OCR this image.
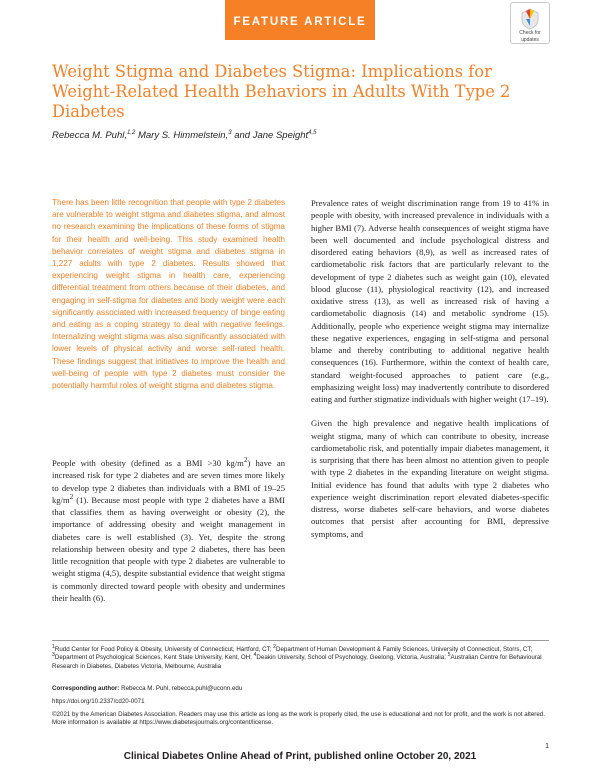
FEATURE ARTICLE
Check for
updates
Weight Stigma and Diabetes Stigma: Implications for Weight-Related Health Behaviors in Adults With Type 2 Diabetes
Rebecca M. Puhl,$^{1,2}$ Mary S. Himmelstein,$^3$ and Jane Speight$^{4,5}$
There has been little recognition that people with type 2 diabetes are vulnerable to weight stigma and diabetes stigma, and almost no research examining the implications of these forms of stigma for their health and well-being. This study examined health behavior correlates of weight stigma and diabetes stigma in 1,227 adults with type 2 diabetes. Results showed that experiencing weight stigma in health care, experiencing differential treatment from others because of their diabetes, and engaging in self-stigma for diabetes and body weight were each significantly associated with increased frequency of binge eating and eating as a coping strategy to deal with negative feelings. Internalizing weight stigma was also significantly associated with lower levels of physical activity and worse self-rated health. These findings suggest that initiatives to improve the health and well-being of people with type 2 diabetes must consider the potentially harmful roles of weight stigma and diabetes stigma.

People with obesity (defined as a BMI >30 $kg/m^2$) have an increased risk for type 2 diabetes and are seven times more likely to develop type 2 diabetes than individuals with a BMI of 19–25 $kg/m^2$ (1). Because most people with type 2 diabetes have a BMI that classifies them as having overweight or obesity (2), the importance of addressing obesity and weight management in diabetes care is well established (3). Yet, despite the strong relationship between obesity and type 2 diabetes, there has been little recognition that people with type 2 diabetes are vulnerable to weight stigma (4,5), despite substantial evidence that weight stigma is commonly directed toward people with obesity and undermines their health (6).

Prevalence rates of weight discrimination range from 19 to 41% in people with obesity, with increased prevalence in individuals with a higher BMI (7). Adverse health consequences of weight stigma have been well documented and include psychological distress and disordered eating behaviors (8,9), as well as increased rates of cardiometabolic risk factors that are particularly relevant to the development of type 2 diabetes such as weight gain (10), elevated blood glucose (11), physiological reactivity (12), and increased oxidative stress (13), as well as increased risk of having a cardiometabolic diagnosis (14) and metabolic syndrome (15). Additionally, people who experience weight stigma may internalize these negative experiences, engaging in self-stigma and personal blame and thereby contributing to additional negative health consequences (16). Furthermore, within the context of health care, standard weight-focused approaches to patient care (e.g., emphasizing weight loss) may inadvertently contribute to disordered eating and further stigmatize individuals with higher weight (17–19).

Given the high prevalence and negative health implications of weight stigma, many of which can contribute to obesity, increase cardiometabolic risk, and potentially impair diabetes management, it is surprising that there has been almost no attention given to people with type 2 diabetes in the expanding literature on weight stigma. Initial evidence has found that adults with type 2 diabetes who experience weight discrimination report elevated diabetes-specific distress, worse diabetes self-care behaviors, and worse diabetes outcomes that persist after accounting for BMI, depressive symptoms, and

$^1$Rudd Center for Food Policy & Obesity, University of Connecticut, Hartford, CT; $^2$Department of Human Development & Family Sciences, University of Connecticut, Storrs, CT; $^3$Department of Psychological Sciences, Kent State University, Kent, OH; $^4$Deakin University, School of Psychology, Geelong, Victoria, Australia; $^5$Australian Centre for Behavioural Research in Diabetes, Diabetes Victoria, Melbourne, Australia
Corresponding author: Rebecca M. Puhl, rebecca.puhl@uconn.edu
https://doi.org/10.2337/cd20-0071
©2021 by the American Diabetes Association. Readers may use this article as long as the work is properly cited, the use is educational and not for profit, and the work is not altered. More information is available at https://www.diabetesjournals.org/content/license.
1
Clinical Diabetes Online Ahead of Print, published online October 20, 2021
